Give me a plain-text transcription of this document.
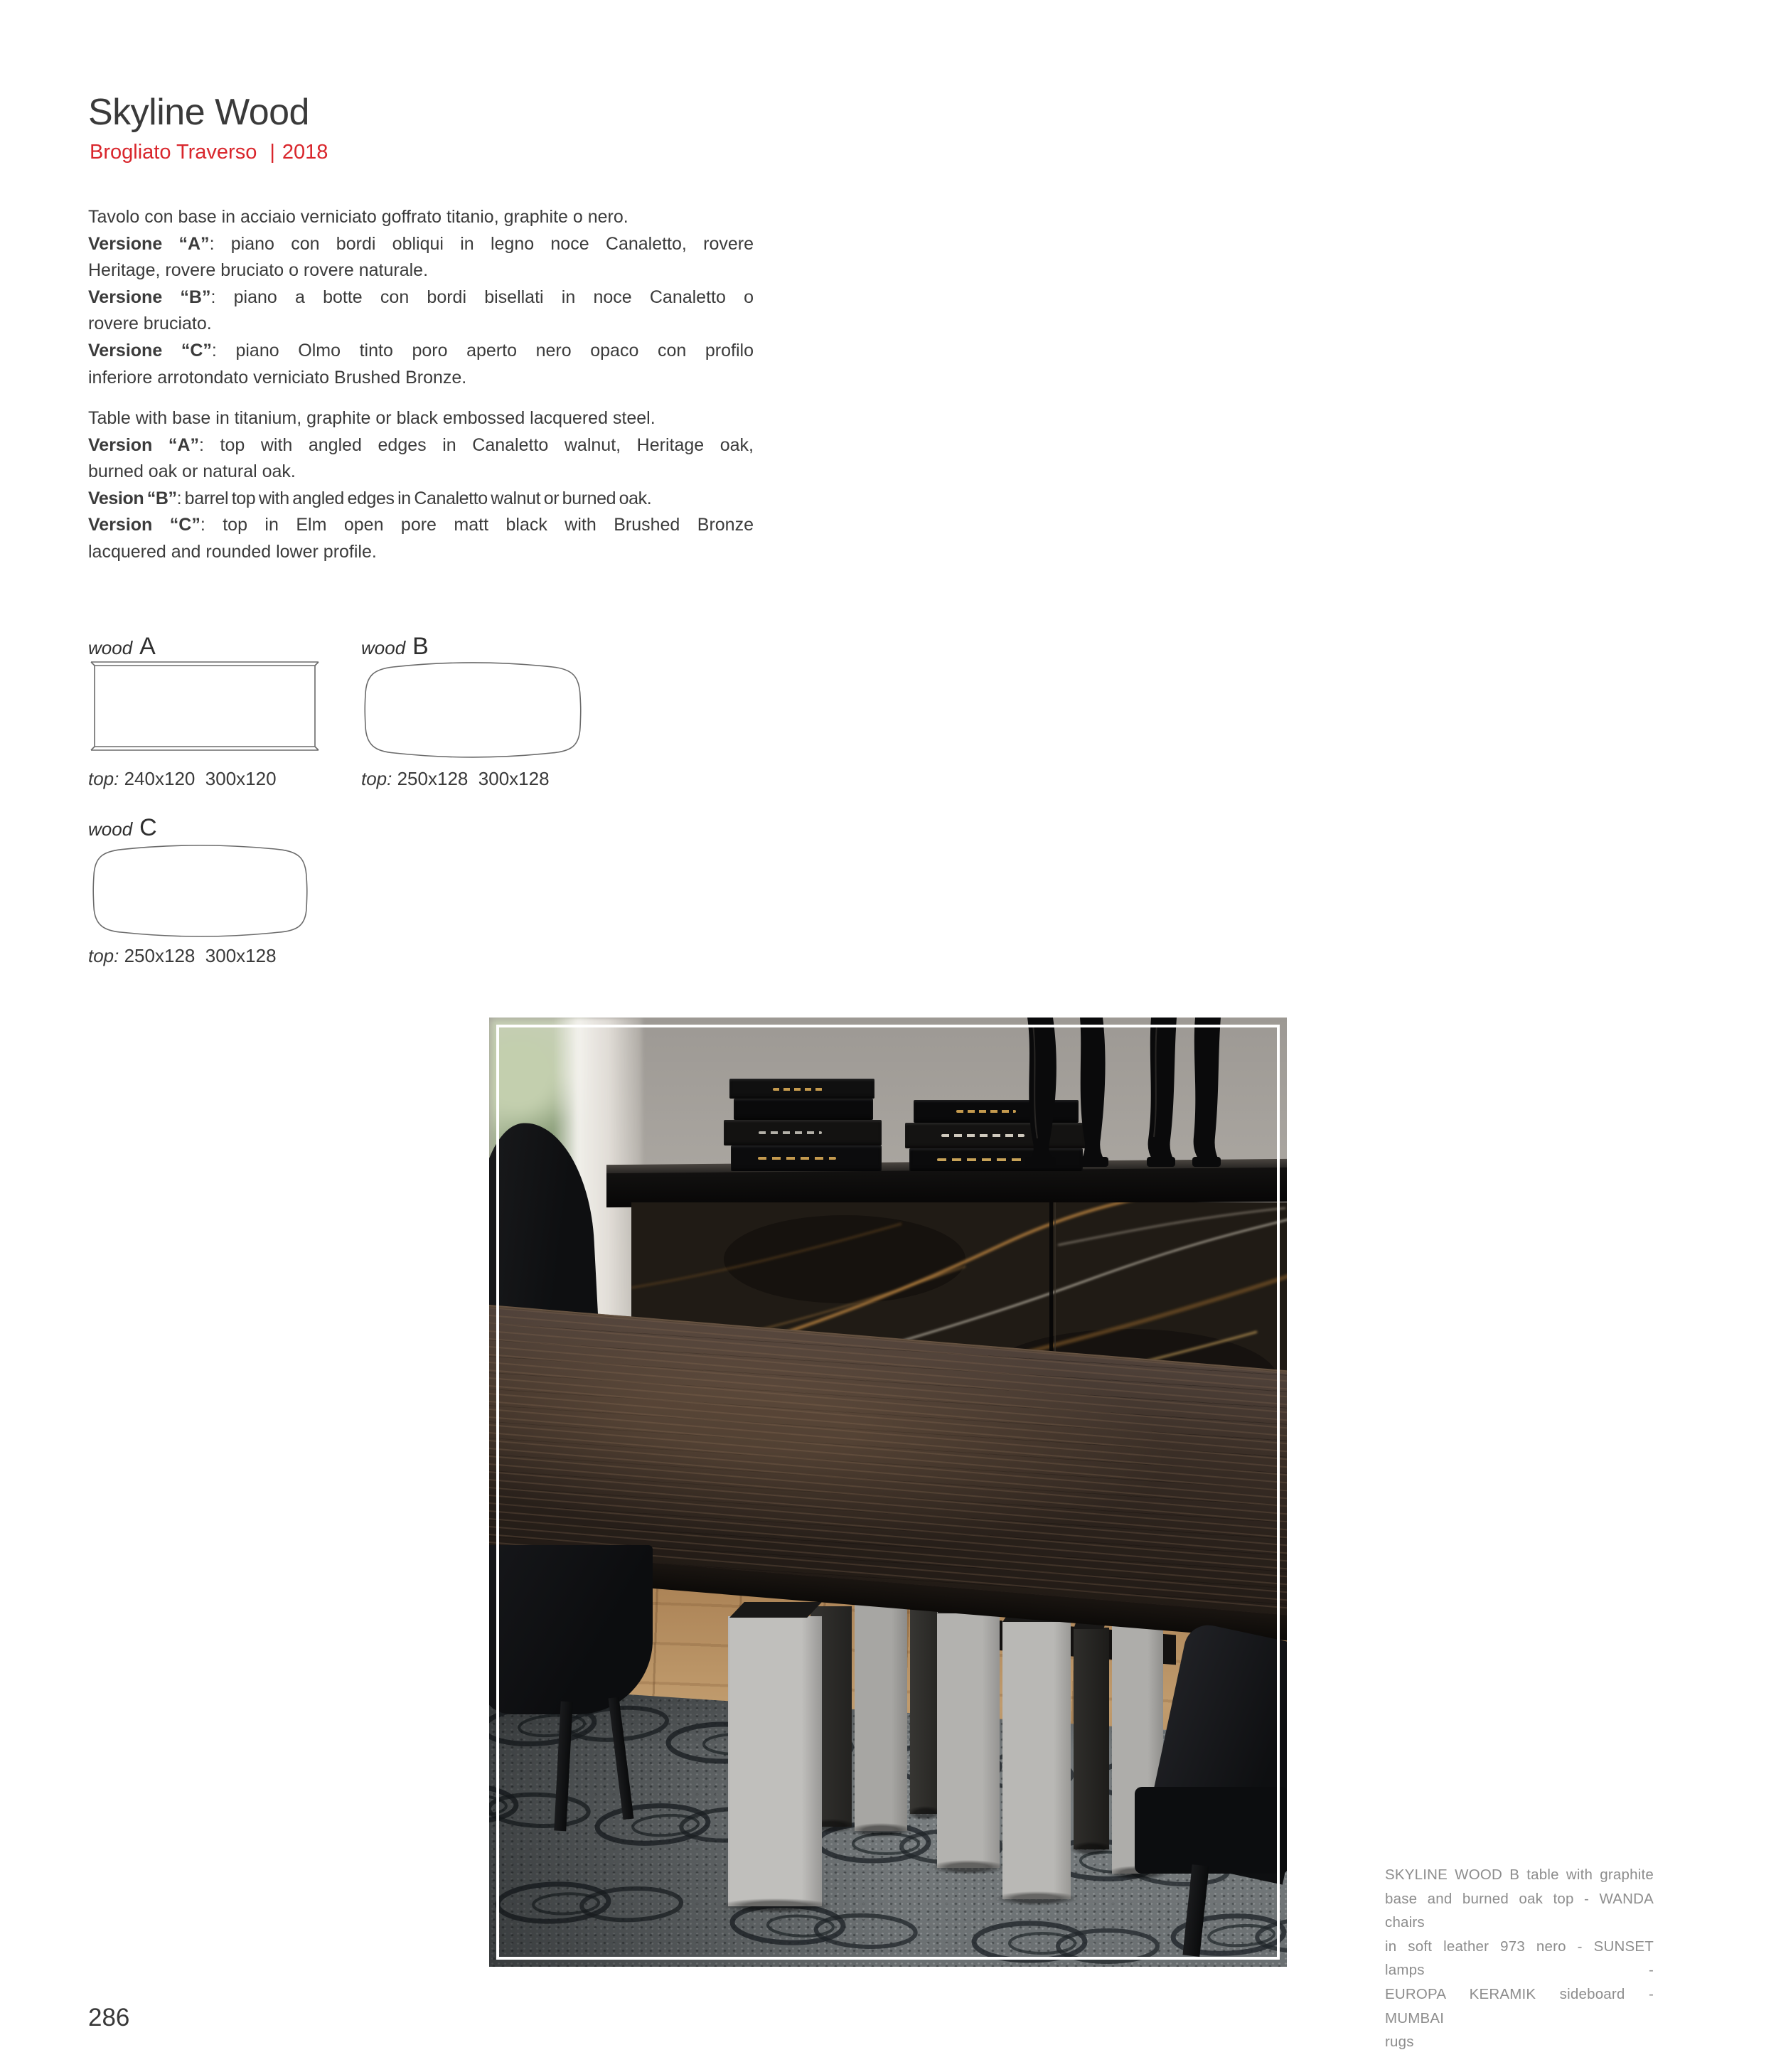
Skyline Wood
Brogliato Traverso | 2018
Tavolo con base in acciaio verniciato goffrato titanio, graphite o nero.
Versione “A”: piano con bordi obliqui in legno noce Canaletto, rovere
Heritage, rovere bruciato o rovere naturale.
Versione “B”: piano a botte con bordi bisellati in noce Canaletto o
rovere bruciato.
Versione “C”: piano Olmo tinto poro aperto nero opaco con profilo
inferiore arrotondato verniciato Brushed Bronze.
Table with base in titanium, graphite or black embossed lacquered steel.
Version “A”: top with angled edges in Canaletto walnut, Heritage oak,
burned oak or natural oak.
Vesion “B”: barrel top with angled edges in Canaletto walnut or burned oak.
Version “C”: top in Elm open pore matt black with Brushed Bronze
lacquered and rounded lower profile.
wood A
top: 240x120  300x120
wood B
top: 250x128  300x128
wood C
top: 250x128  300x128
SKYLINE WOOD B table with graphite
base and burned oak top - WANDA chairs
in soft leather 973 nero - SUNSET lamps -
EUROPA KERAMIK sideboard - MUMBAI
rugs
286
